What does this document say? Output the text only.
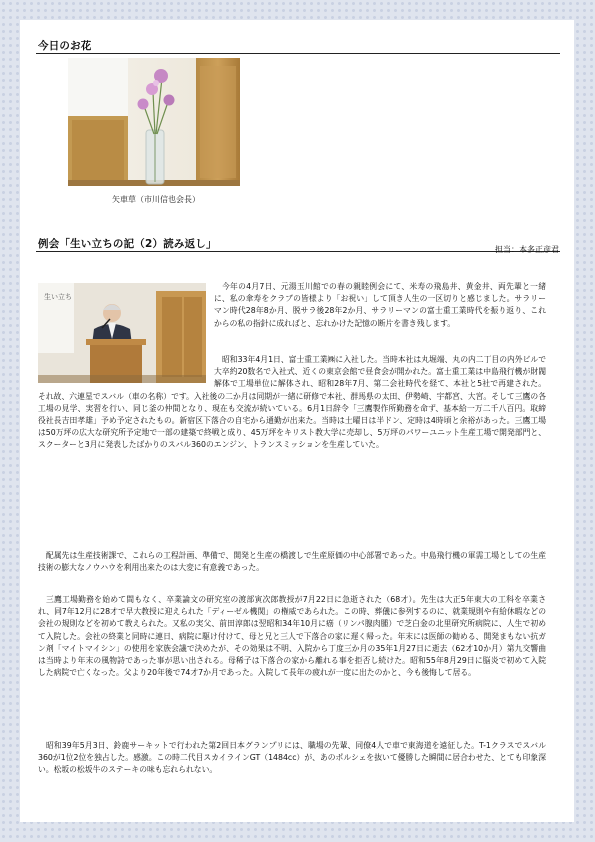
今日のお花
矢車草（市川信也会長）
例会「生い立ちの記（2）読み返し」	担当：本多正彦君
生い立ち

今年の4月7日、元湯玉川館での春の親睦例会にて、米寿の飛島井、黄金井、両先輩と一緒に、私の傘寿をクラブの皆様より「お祝い」して頂き人生の一区切りと感じました。サラリーマン時代28年8か月、脱サラ後28年2か月、サラリーマンの富士重工業時代を振り返り、これからの私の指針に成ればと、忘れかけた記憶の断片を書き残します。

昭和33年4月1日、富士重工業㈱に入社した。当時本社は丸堀端、丸の内二丁目の内外ビルで大卒約20数名で入社式、近くの東京会館で昼食会が開かれた。富士重工業は中島飛行機が財閥解体で工場単位に解体され、昭和28年7月、第二会社時代を経て、本社と5社で再建された。それ故、六連星でスバル（車の名称）です。入社後の二か月は同期が一緒に研修で本社、群馬県の太田、伊勢崎、宇都宮、大宮。そして三鷹の各工場の見学、実習を行い、同じ釜の仲間となり、現在も交流が続いている。6月1日辞令「三鷹製作所勤務を命ず、基本給一万二千八百円。取締役社長吉田孝雄」予め予定されたもの。新宿区下落合の自宅から通勤が出来た。当時は土曜日は半ドン、定時は4時頃と余裕があった。三鷹工場は50万坪の広大な研究所予定地で一部の建築で終戦と成り、45万坪をキリスト教大学に売却し、5万坪のパワーユニット生産工場で開発部門と、スクーターと3月に発表したばかりのスバル360のエンジン、トランスミッションを生産していた。

配属先は生産技術課で、これらの工程計画、準備で、開発と生産の橋渡しで生産原価の中心部署であった。中島飛行機の軍需工場としての生産技術の膨大なノウハウを利用出来たのは大変に有意義であった。

三鷹工場勤務を始めて間もなく、卒業論文の研究室の渡部寅次郎教授が7月22日に急逝された（68才）。先生は大正5年東大の工科を卒業され、同7年12月に28才で早大教授に迎えられた「ディーゼル機関」の権威であられた。この時、葬儀に参列するのに、就業規則や有給休暇などの会社の規則などを初めて教えられた。又私の実父、前田淳郎は翌昭和34年10月に癌（リンパ腺肉腫）で芝白金の北里研究所病院に、人生で初めて入院した。会社の終業と同時に連日、病院に駆け付けて、母と兄と三人で下落合の家に遅く帰った。年末には医師の勧める、開発まもない抗ガン剤「マイトマイシン」の使用を家族会議で決めたが、その効果は不明、入院から丁度三か月の35年1月27日に逝去（62才10か月）第九交響曲は当時より年末の風物詩であった事が思い出される。母稀子は下落合の家から離れる事を拒否し続けた。昭和55年8月29日に脳炎で初めて入院した病院で亡くなった。父より20年後で74才7か月であった。入院して長年の疲れが一度に出たのかと、今も後悔して居る。

昭和39年5月3日、鈴鹿サーキットで行われた第2回日本グランプリには、職場の先輩、同僚4人で車で東海道を遠征した。T-1クラスでスバル360が1位2位を独占した。感激。この時二代目スカイラインGT（1484cc）が、あのポルシェを抜いて優勝した瞬間に居合わせた、とても印象深い。松坂の松坂牛のステーキの味も忘れられない。
